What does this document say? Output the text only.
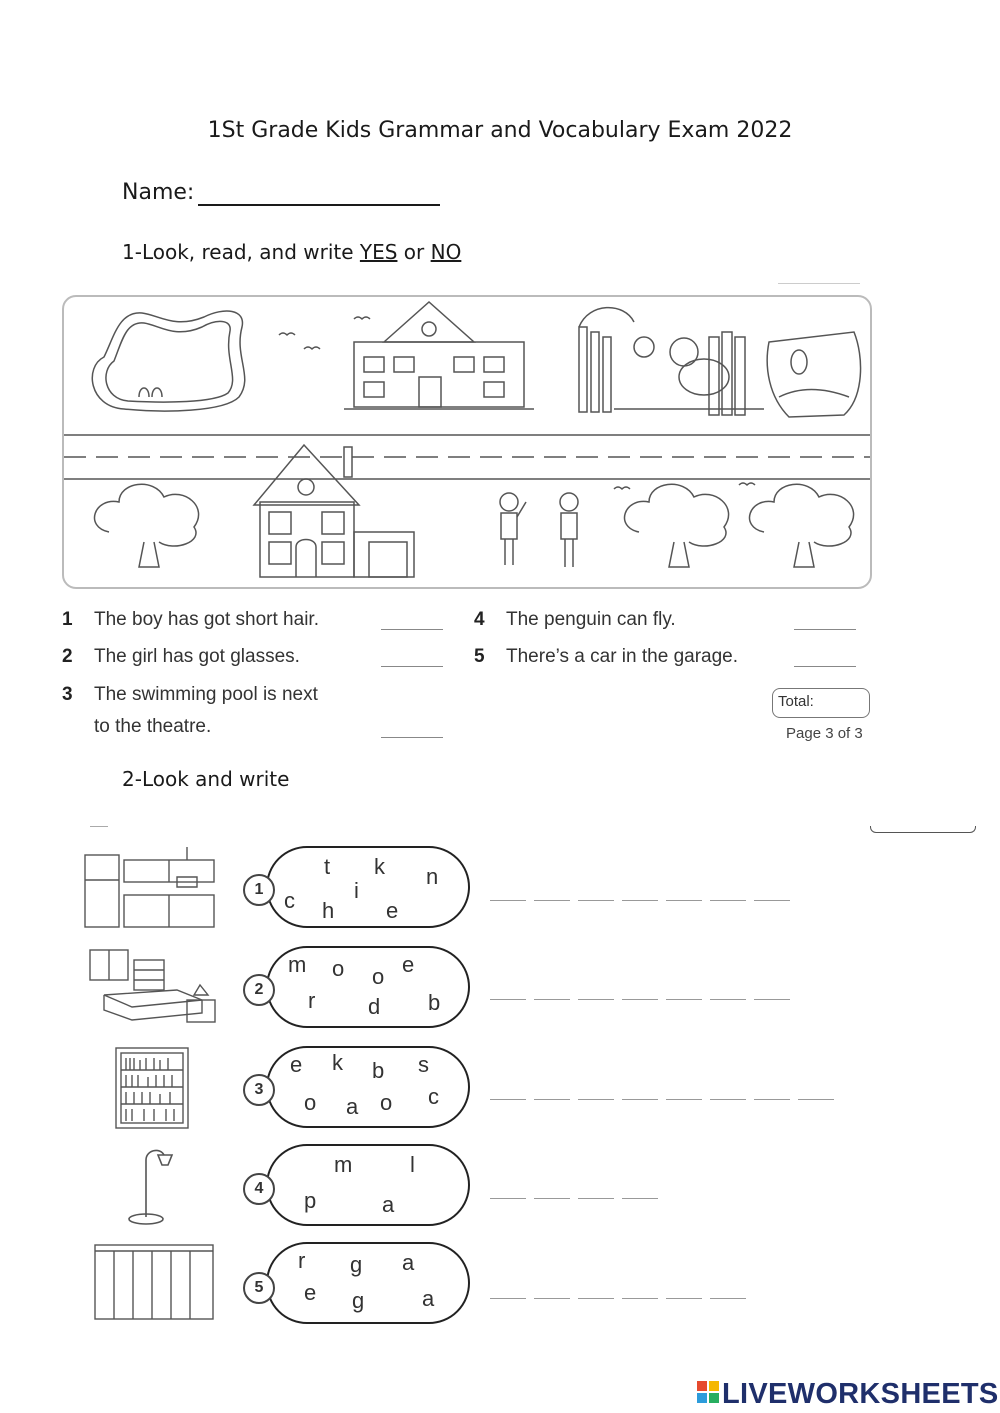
1St Grade Kids Grammar and Vocabulary Exam 2022
Name:
1-Look, read, and write YES or NO
1 The boy has got short hair.
2 The girl has got glasses.
3 The swimming pool is next
to the theatre.
4 The penguin can fly.
5 There’s a car in the garage.
Total:
Page 3 of 3
2-Look and write
t k n
i
c h e
1
m o o e
r d b
2
e k b s
o a o c
3
m	l
p	a
4
r g a
e g	a
5
LIVEWORKSHEETS
